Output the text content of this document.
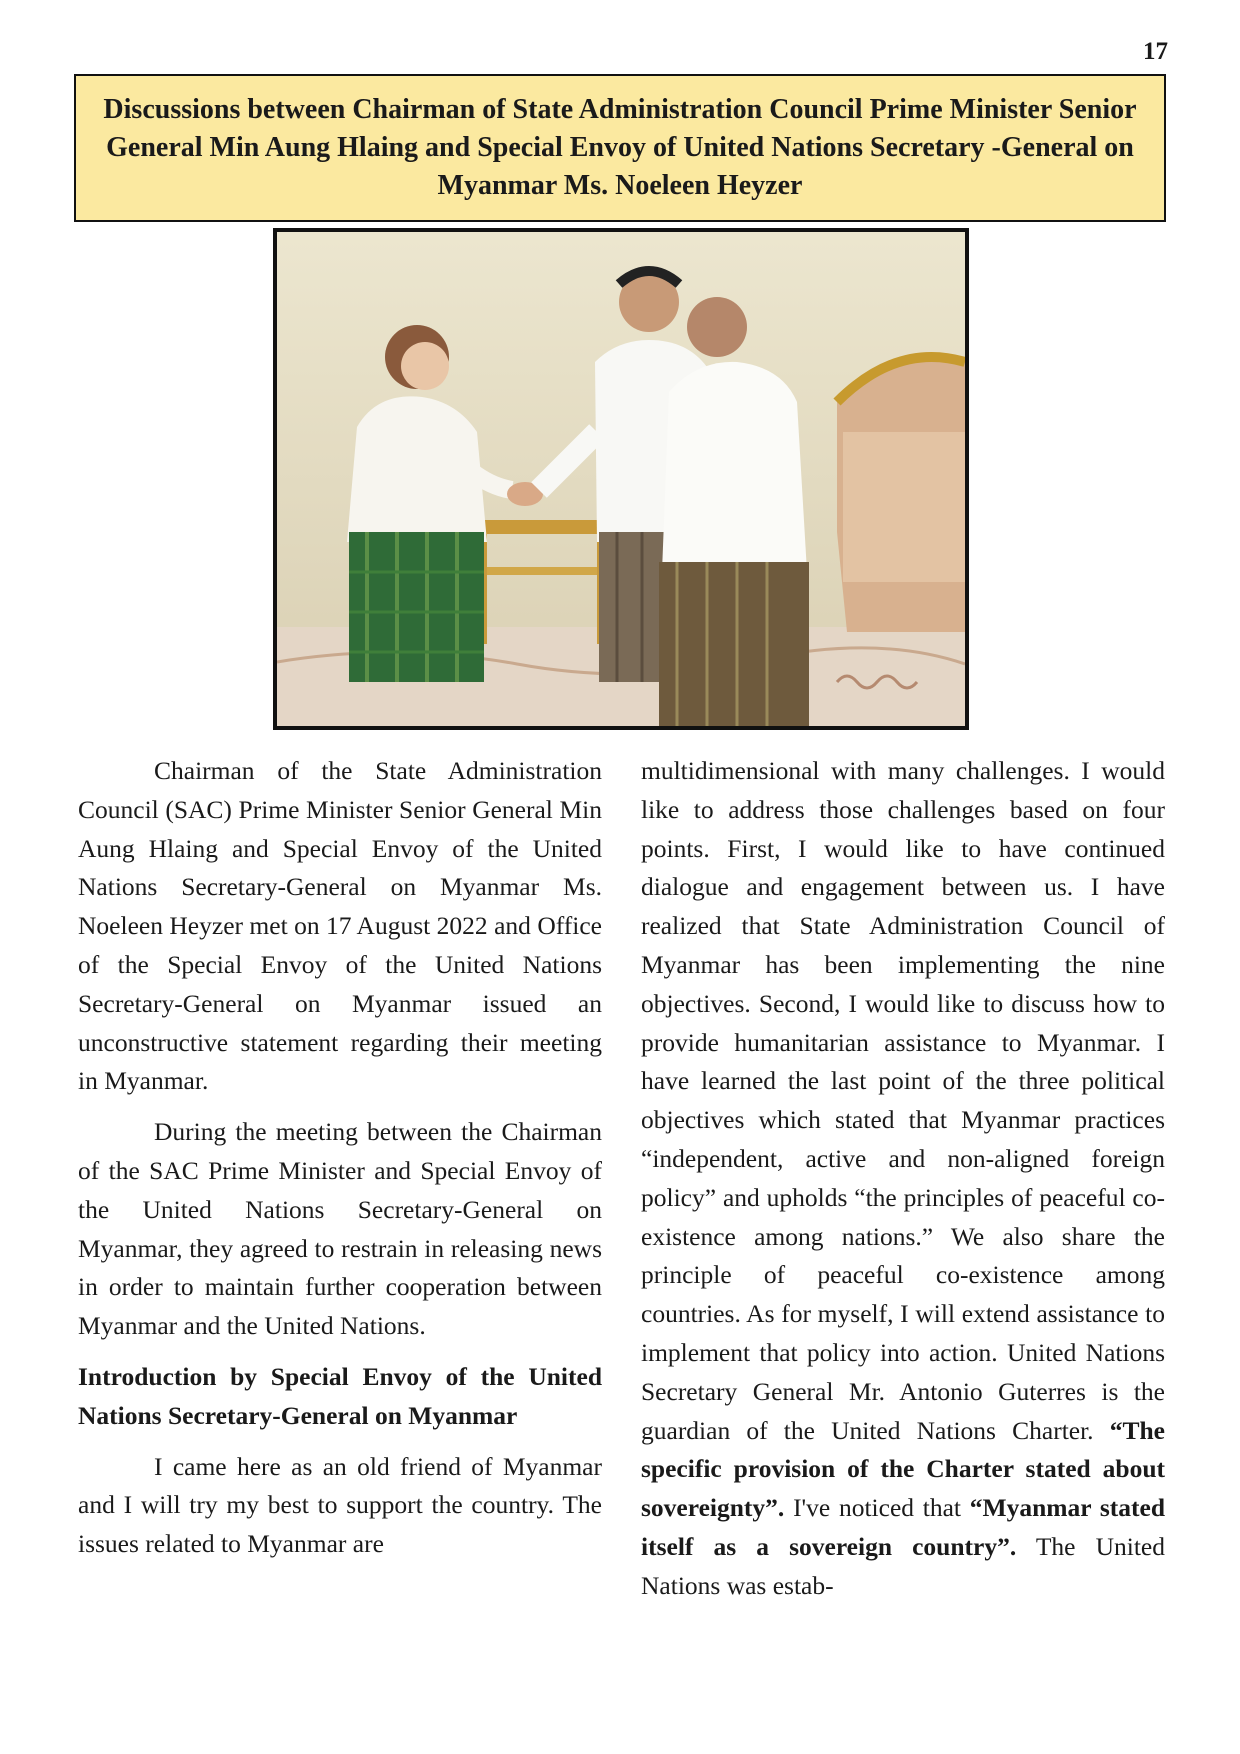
17
Discussions between Chairman of State Administration Council Prime Minister Senior General Min Aung Hlaing and Special Envoy of United Nations Secretary -General on Myanmar Ms. Noeleen Heyzer

Chairman of the State Administration Council (SAC) Prime Minister Senior General Min Aung Hlaing and Special Envoy of the United Nations Secretary-General on Myanmar Ms. Noeleen Heyzer met on 17 August 2022 and Office of the Special Envoy of the United Nations Secretary-General on Myanmar issued an unconstructive statement regarding their meeting in Myanmar.

During the meeting between the Chairman of the SAC Prime Minister and Special Envoy of the United Nations Secretary-General on Myanmar, they agreed to restrain in releasing news in order to maintain further cooperation between Myanmar and the United Nations.

Introduction by Special Envoy of the United Nations Secretary-General on Myanmar

I came here as an old friend of Myanmar and I will try my best to support the country. The issues related to Myanmar are

multidimensional with many challenges. I would like to address those challenges based on four points. First, I would like to have continued dialogue and engagement between us. I have realized that State Administration Council of Myanmar has been implementing the nine objectives. Second, I would like to discuss how to provide humanitarian assistance to Myanmar. I have learned the last point of the three political objectives which stated that Myanmar practices “independent, active and non-aligned foreign policy” and upholds “the principles of peaceful co-existence among nations.” We also share the principle of peaceful co-existence among countries. As for myself, I will extend assistance to implement that policy into action. United Nations Secretary General Mr. Antonio Guterres is the guardian of the United Nations Charter. “The specific provision of the Charter stated about sovereignty”. I've noticed that “Myanmar stated itself as a sovereign country”. The United Nations was estab-
